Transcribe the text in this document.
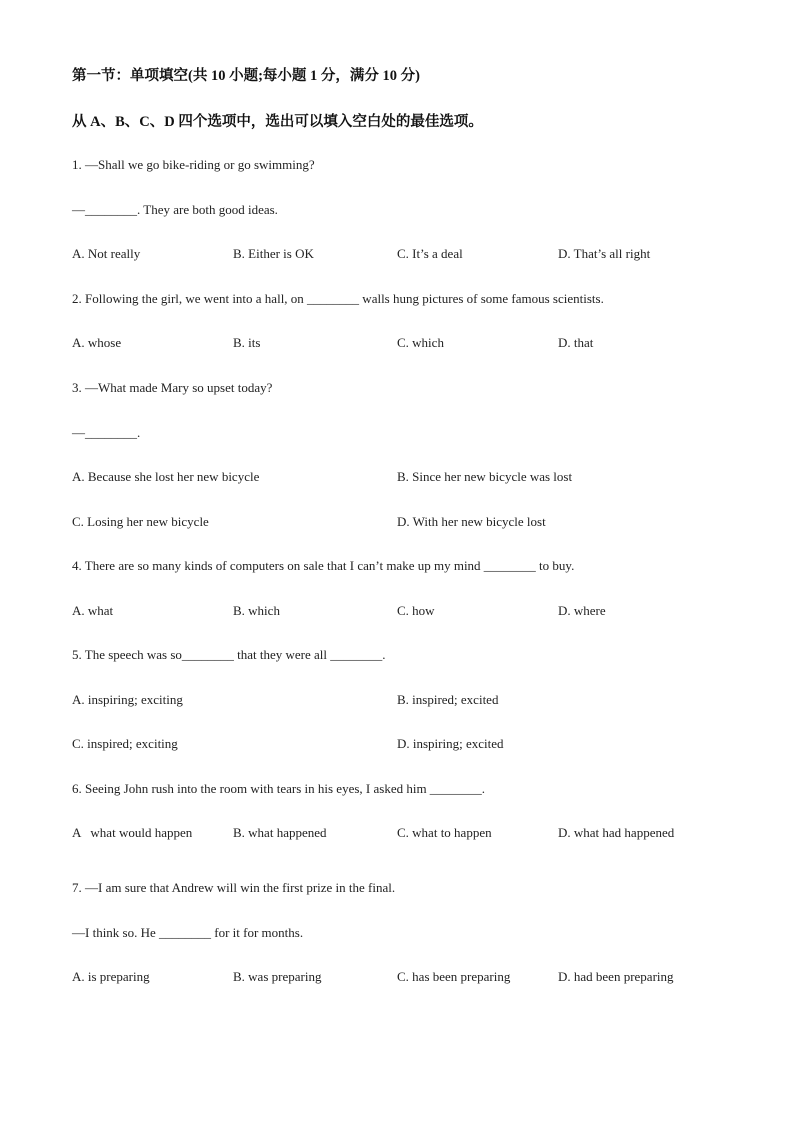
第一节：单项填空(共 10 小题;每小题 1 分，满分 10 分)
从 A、B、C、D 四个选项中，选出可以填入空白处的最佳选项。
1. —Shall we go bike-riding or go swimming?
—________. They are both good ideas.
A. Not really	B. Either is OK	C. It’s a deal	D. That’s all right
2. Following the girl, we went into a hall, on ________ walls hung pictures of some famous scientists.
A. whose	B. its	C. which	D. that
3. —What made Mary so upset today?
—________.
A. Because she lost her new bicycle	B. Since her new bicycle was lost
C. Losing her new bicycle	D. With her new bicycle lost
4. There are so many kinds of computers on sale that I can’t make up my mind ________ to buy.
A. what	B. which	C. how	D. where
5. The speech was so________ that they were all ________.
A. inspiring; exciting	B. inspired; excited
C. inspired; exciting	D. inspiring; excited
6. Seeing John rush into the room with tears in his eyes, I asked him ________.
A   what would happen	B. what happened	C. what to happen	D. what had happened
7. —I am sure that Andrew will win the first prize in the final.
—I think so. He ________ for it for months.
A. is preparing	B. was preparing	C. has been preparing	D. had been preparing
